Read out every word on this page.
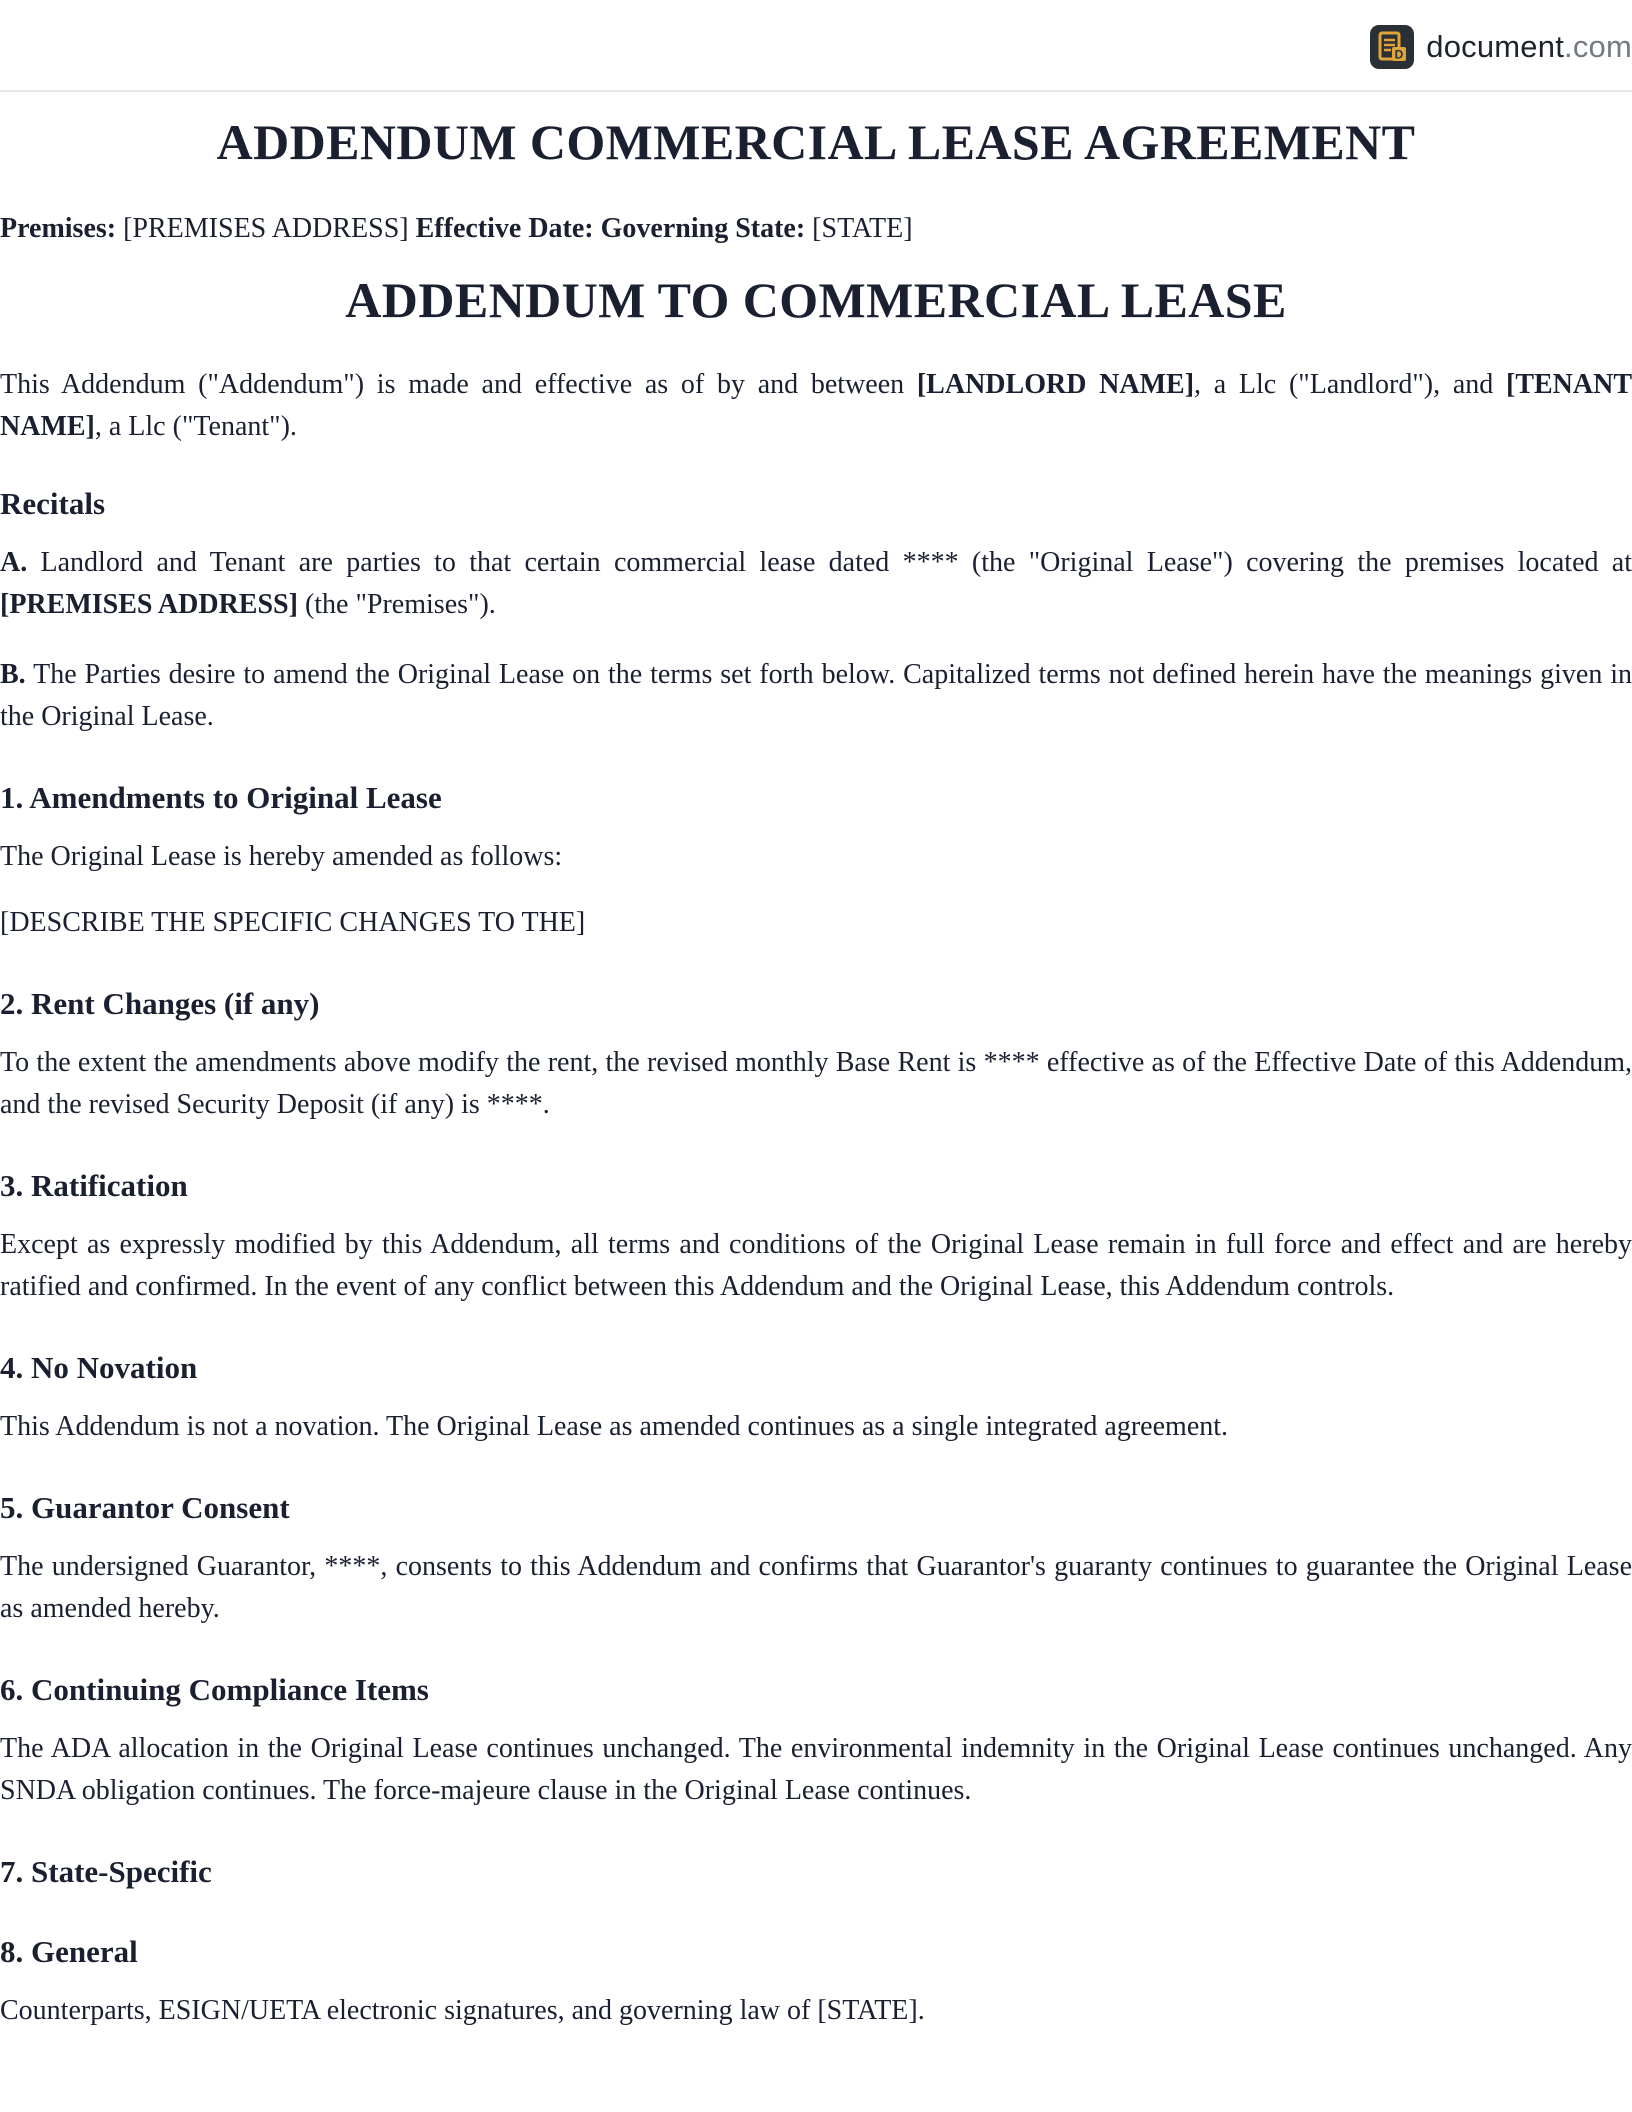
D document.com
ADDENDUM COMMERCIAL LEASE AGREEMENT
Premises: [PREMISES ADDRESS] Effective Date: Governing State: [STATE]
ADDENDUM TO COMMERCIAL LEASE

This Addendum ("Addendum") is made and effective as of by and between [LANDLORD NAME], a Llc ("Landlord"), and [TENANT NAME], a Llc ("Tenant").

Recitals

A. Landlord and Tenant are parties to that certain commercial lease dated **** (the "Original Lease") covering the premises located at [PREMISES ADDRESS] (the "Premises").

B. The Parties desire to amend the Original Lease on the terms set forth below. Capitalized terms not defined herein have the meanings given in the Original Lease.

1. Amendments to Original Lease

The Original Lease is hereby amended as follows:

[DESCRIBE THE SPECIFIC CHANGES TO THE]

2. Rent Changes (if any)

To the extent the amendments above modify the rent, the revised monthly Base Rent is **** effective as of the Effective Date of this Addendum, and the revised Security Deposit (if any) is ****.

3. Ratification

Except as expressly modified by this Addendum, all terms and conditions of the Original Lease remain in full force and effect and are hereby ratified and confirmed. In the event of any conflict between this Addendum and the Original Lease, this Addendum controls.

4. No Novation

This Addendum is not a novation. The Original Lease as amended continues as a single integrated agreement.

5. Guarantor Consent

The undersigned Guarantor, ****, consents to this Addendum and confirms that Guarantor's guaranty continues to guarantee the Original Lease as amended hereby.

6. Continuing Compliance Items

The ADA allocation in the Original Lease continues unchanged. The environmental indemnity in the Original Lease continues unchanged. Any SNDA obligation continues. The force-majeure clause in the Original Lease continues.

7. State-Specific
8. General

Counterparts, ESIGN/UETA electronic signatures, and governing law of [STATE].
